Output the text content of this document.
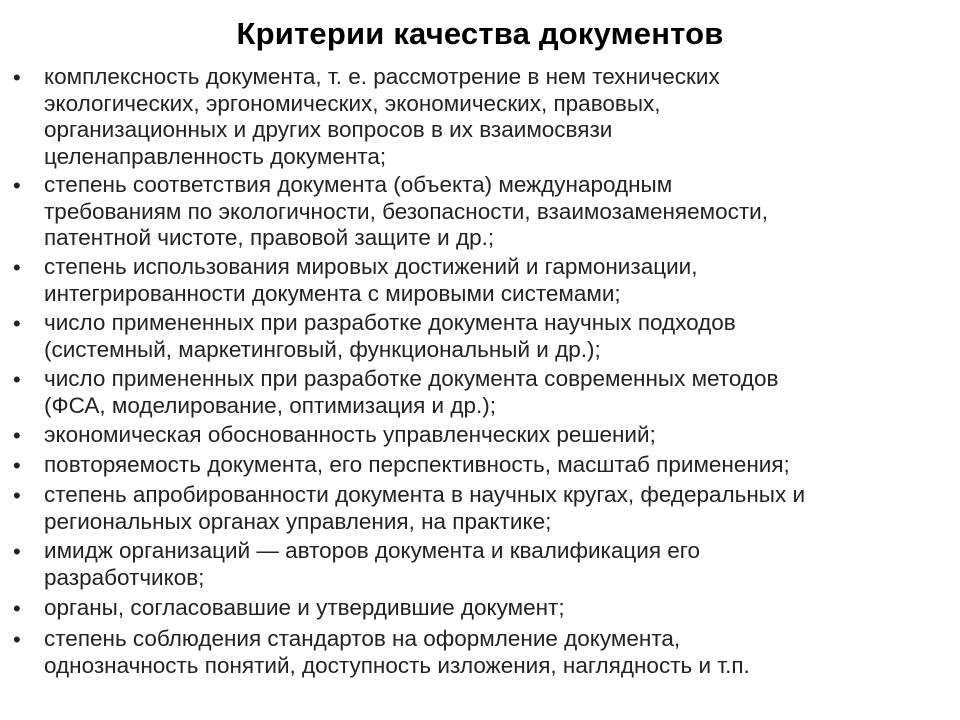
Критерии качества документов
• комплексность документа, т. е. рассмотрение в нем технических
экологических, эргономических, экономических, правовых,
организационных и других вопросов в их взаимосвязи
целенаправленность документа;
• степень соответствия документа (объекта) международным
требованиям по экологичности, безопасности, взаимозаменяемости,
патентной чистоте, правовой защите и др.;
• степень использования мировых достижений и гармонизации,
интегрированности документа с мировыми системами;
• число примененных при разработке документа научных подходов
(системный, маркетинговый, функциональный и др.);
• число примененных при разработке документа современных методов
(ФСА, моделирование, оптимизация и др.);
• экономическая обоснованность управленческих решений;
• повторяемость документа, его перспективность, масштаб применения;
• степень апробированности документа в научных кругах, федеральных и
региональных органах управления, на практике;
• имидж организаций — авторов документа и квалификация его
разработчиков;
• органы, согласовавшие и утвердившие документ;
• степень соблюдения стандартов на оформление документа,
однозначность понятий, доступность изложения, наглядность и т.п.
